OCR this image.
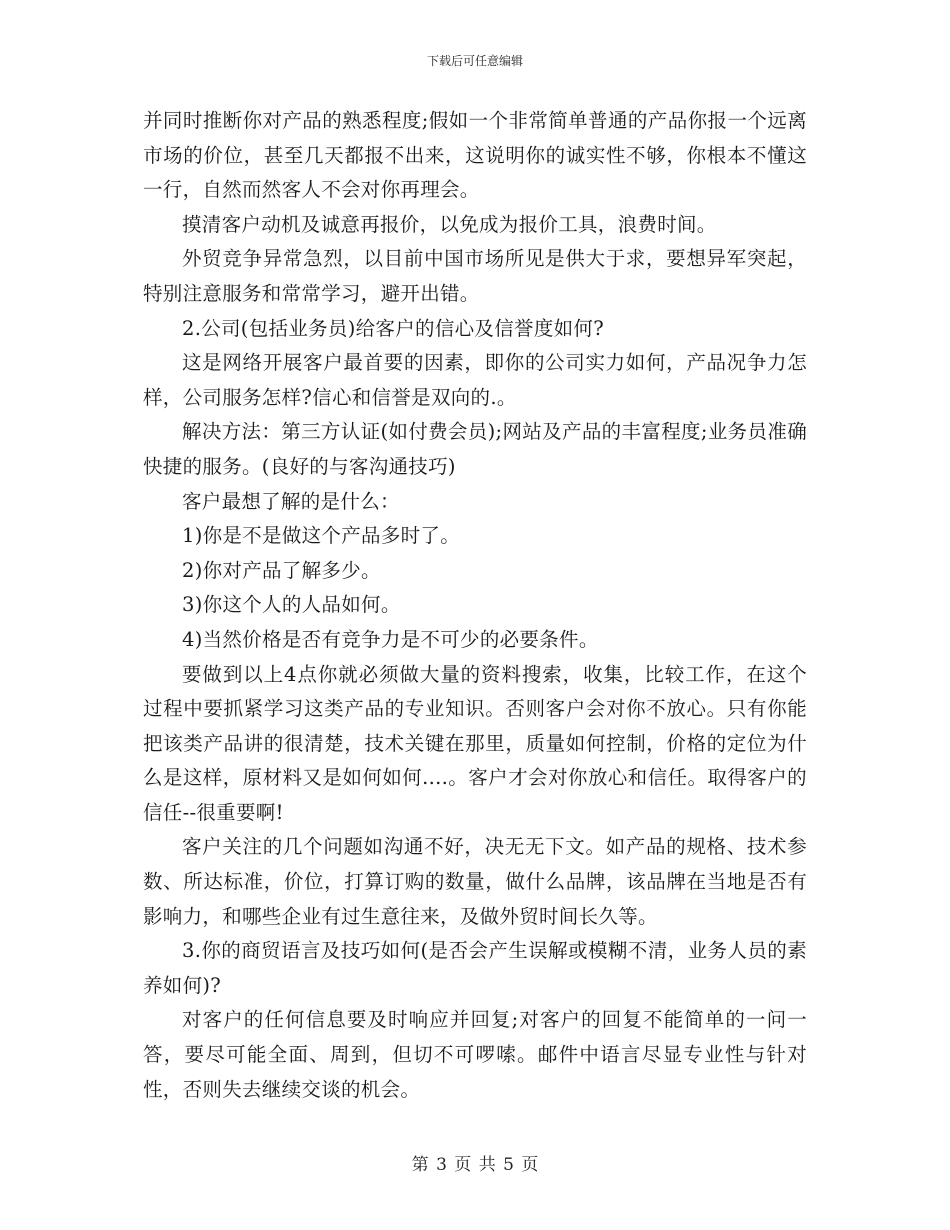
下载后可任意编辑

并同时推断你对产品的熟悉程度;假如一个非常简单普通的产品你报一个远离市场的价位，甚至几天都报不出来，这说明你的诚实性不够，你根本不懂这一行，自然而然客人不会对你再理会。

摸清客户动机及诚意再报价，以免成为报价工具，浪费时间。

外贸竞争异常急烈，以目前中国市场所见是供大于求，要想异军突起，特别注意服务和常常学习，避开出错。

2.公司(包括业务员)给客户的信心及信誉度如何?

这是网络开展客户最首要的因素，即你的公司实力如何，产品况争力怎样，公司服务怎样?信心和信誉是双向的.。

解决方法：第三方认证(如付费会员);网站及产品的丰富程度;业务员准确快捷的服务。(良好的与客沟通技巧)

客户最想了解的是什么：

1)你是不是做这个产品多时了。

2)你对产品了解多少。

3)你这个人的人品如何。

4)当然价格是否有竞争力是不可少的必要条件。

要做到以上4点你就必须做大量的资料搜索，收集，比较工作，在这个过程中要抓紧学习这类产品的专业知识。否则客户会对你不放心。只有你能把该类产品讲的很清楚，技术关键在那里，质量如何控制，价格的定位为什么是这样，原材料又是如何如何....。客户才会对你放心和信任。取得客户的信任--很重要啊!

客户关注的几个问题如沟通不好，决无无下文。如产品的规格、技术参数、所达标准，价位，打算订购的数量，做什么品牌，该品牌在当地是否有影响力，和哪些企业有过生意往来，及做外贸时间长久等。

3.你的商贸语言及技巧如何(是否会产生误解或模糊不清，业务人员的素养如何)?

对客户的任何信息要及时响应并回复;对客户的回复不能简单的一问一答，要尽可能全面、周到，但切不可啰嗦。邮件中语言尽显专业性与针对性，否则失去继续交谈的机会。

第 3 页 共 5 页
